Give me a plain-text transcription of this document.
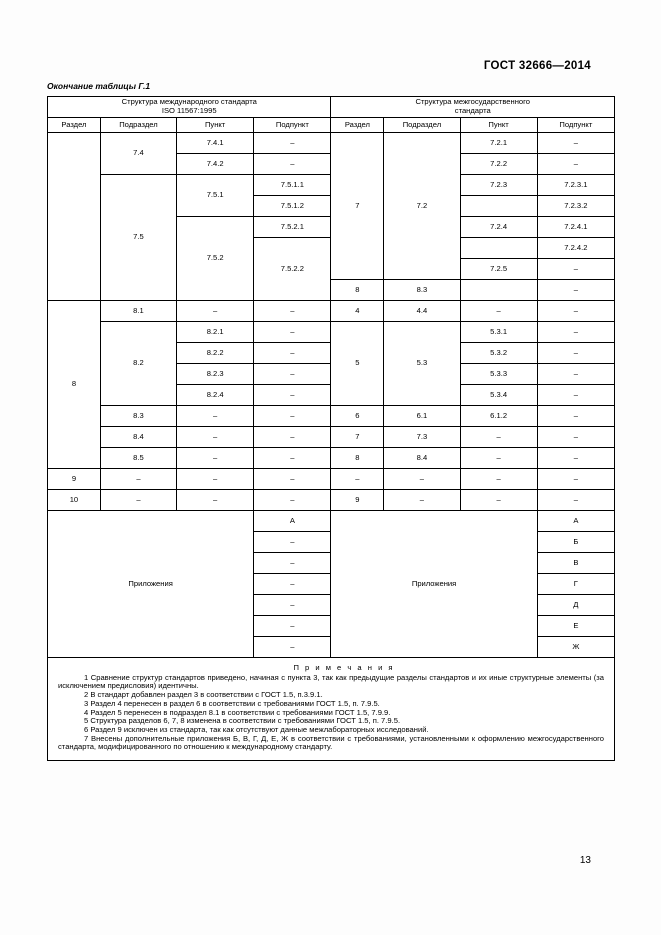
ГОСТ 32666—2014
Окончание таблицы Г.1
Структура международного стандарта
ISO 11567:1995

Структура межгосударственного
стандарта

Раздел	Подраздел	Пункт	Подпункт	Раздел	Подраздел	Пункт	Подпункт
	7.4	7.4.1	–	7	7.2	7.2.1	–
		7.4.2	–			7.2.2	–
	7.5	7.5.1	7.5.1.1			7.2.3	7.2.3.1
			7.5.1.2				7.2.3.2
		7.5.2	7.5.2.1			7.2.4	7.2.4.1
			7.5.2.2				7.2.4.2
						7.2.5	–
				8	8.3		–

8	8.1	–	–	4	4.4	–	–
	8.2	8.2.1	–	5	5.3	5.3.1	–
		8.2.2	–			5.3.2	–
		8.2.3	–			5.3.3	–
		8.2.4	–			5.3.4	–
	8.3	–	–	6	6.1	6.1.2	–
	8.4	–	–	7	7.3	–	–
	8.5	–	–	8	8.4	–	–
9	–	–	–	–	–	–	–
10	–	–	–	9	–	–	–
Приложения			А	Приложения			А
			–				Б
			–				В
			–				Г
			–				Д
			–				Е
			–				Ж

П р и м е ч а н и я

1 Сравнение структур стандартов приведено, начиная с пункта 3, так как предыдущие разделы стандартов и их иные структурные элементы (за исключением предисловия) идентичны.

2 В стандарт добавлен раздел 3 в соответствии с ГОСТ 1.5, п.3.9.1.

3 Раздел 4 перенесен в раздел 6 в соответствии с требованиями ГОСТ 1.5, п. 7.9.5.

4 Раздел 5 перенесен в подраздел 8.1 в соответствии с требованиями ГОСТ 1.5, 7.9.9.

5 Структура разделов 6, 7, 8 изменена в соответствии с требованиями ГОСТ 1.5, п. 7.9.5.

6 Раздел 9 исключен из стандарта, так как отсутствуют данные межлабораторных исследований.

7 Внесены дополнительные приложения Б, В, Г, Д, Е, Ж в соответствии с требованиями, установленными к оформлению межгосударственного стандарта, модифицированного по отношению к международному стандарту.

13
